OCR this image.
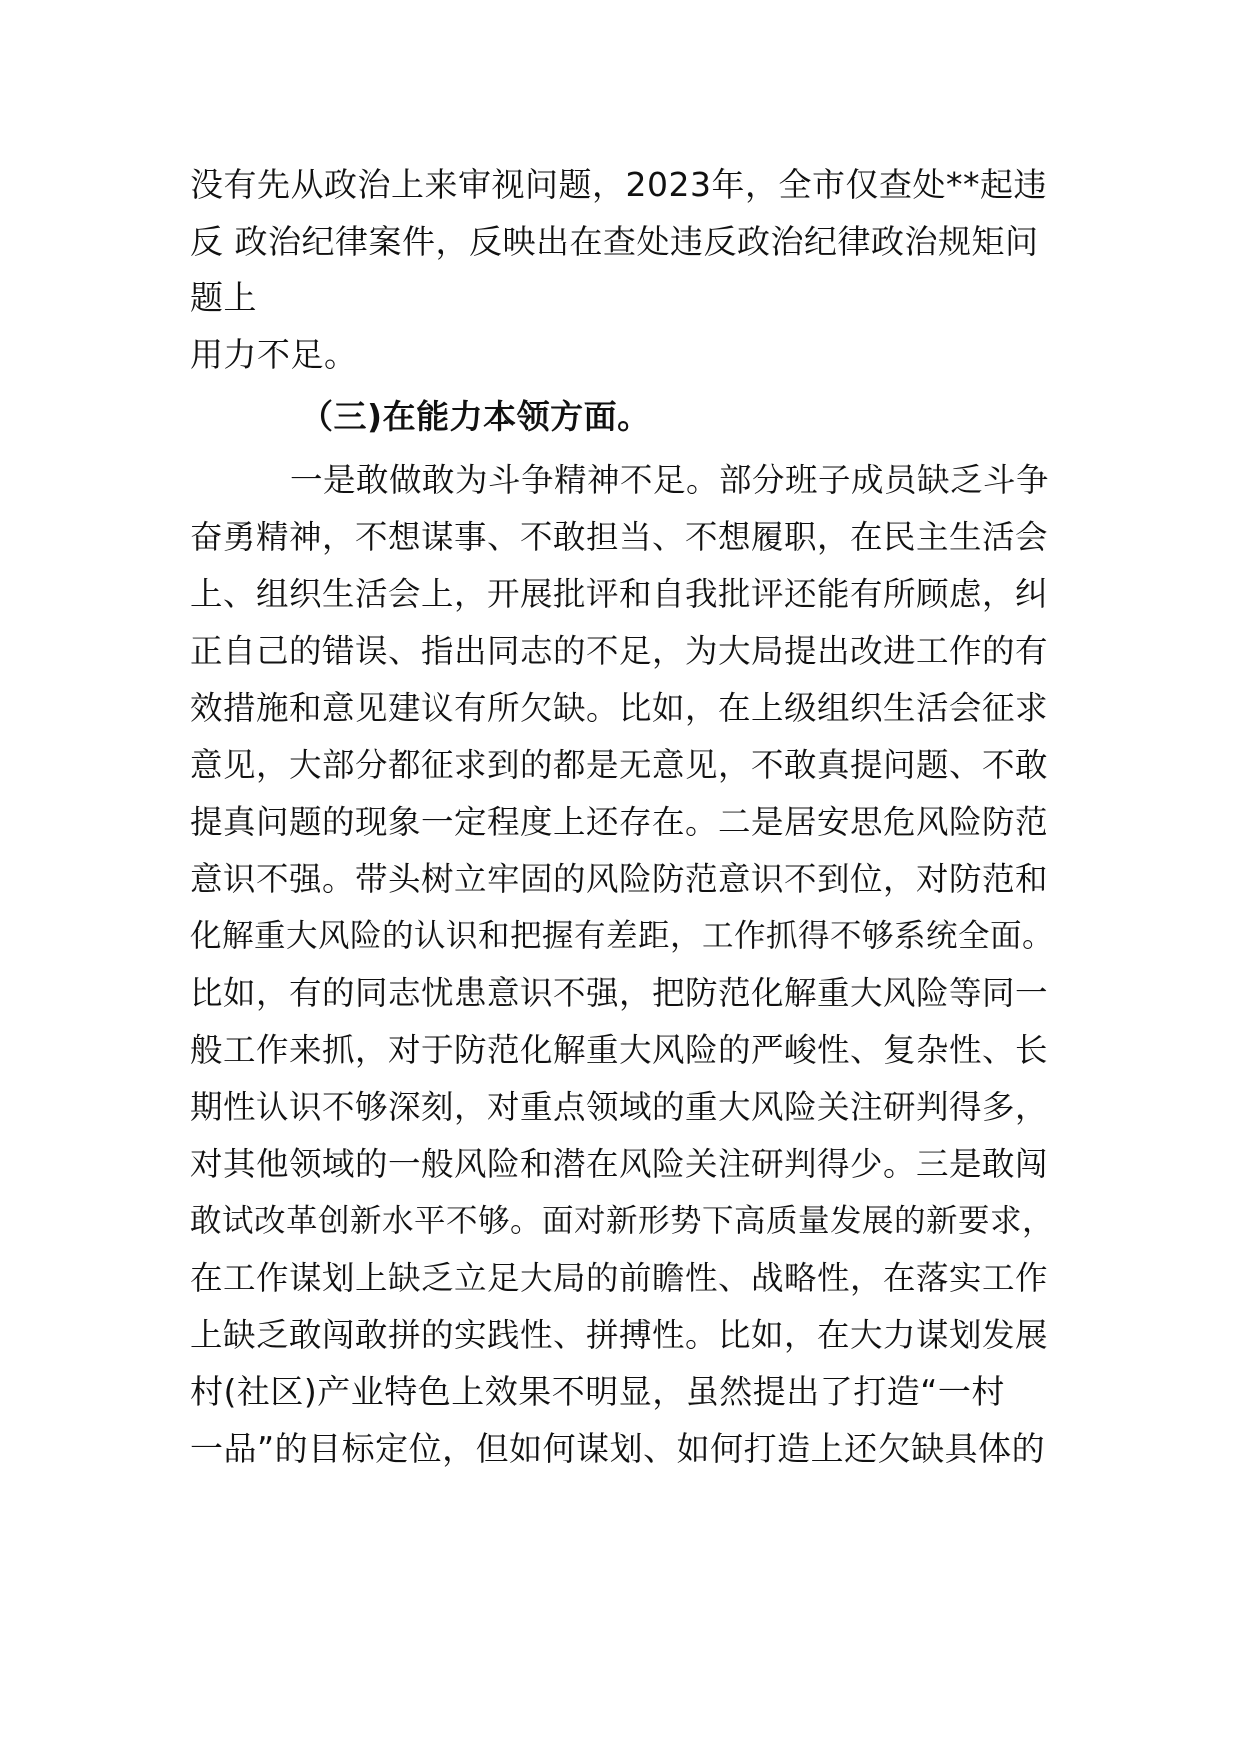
没有先从政治上来审视问题，2023年，全市仅查处**起违
反 政治纪律案件，反映出在查处违反政治纪律政治规矩问
题上
用力不足。
（三)在能力本领方面。
一是敢做敢为斗争精神不足。部分班子成员缺乏斗争
奋勇精神，不想谋事、不敢担当、不想履职，在民主生活会
上、组织生活会上，开展批评和自我批评还能有所顾虑，纠
正自己的错误、指出同志的不足，为大局提出改进工作的有
效措施和意见建议有所欠缺。比如，在上级组织生活会征求
意见，大部分都征求到的都是无意见，不敢真提问题、不敢
提真问题的现象一定程度上还存在。二是居安思危风险防范
意识不强。带头树立牢固的风险防范意识不到位，对防范和
化解重大风险的认识和把握有差距，工作抓得不够系统全面。
比如，有的同志忧患意识不强，把防范化解重大风险等同一
般工作来抓，对于防范化解重大风险的严峻性、复杂性、长
期性认识不够深刻，对重点领域的重大风险关注研判得多，
对其他领域的一般风险和潜在风险关注研判得少。三是敢闯
敢试改革创新水平不够。面对新形势下高质量发展的新要求，
在工作谋划上缺乏立足大局的前瞻性、战略性，在落实工作
上缺乏敢闯敢拼的实践性、拼搏性。比如，在大力谋划发展
村(社区)产业特色上效果不明显，虽然提出了打造“一村
一品”的目标定位，但如何谋划、如何打造上还欠缺具体的
